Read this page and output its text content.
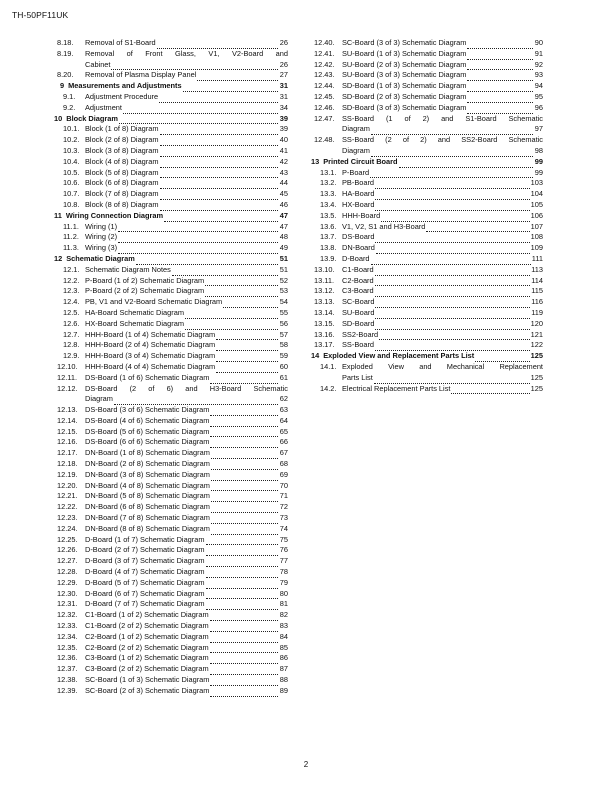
TH-50PF11UK
8.18.	Removal of S1-Board	26
8.19.	Removal of Front Glass, V1, V2-Board and
Cabinet	26
8.20.	Removal of Plasma Display Panel	27
9 Measurements and Adjustments	31
9.1.	Adjustment Procedure	31
9.2.	Adjustment	34
10 Block Diagram	39
10.1. Block (1 of 8) Diagram	39
10.2. Block (2 of 8) Diagram	40
10.3. Block (3 of 8) Diagram	41
10.4. Block (4 of 8) Diagram	42
10.5. Block (5 of 8) Diagram	43
10.6. Block (6 of 8) Diagram	44
10.7. Block (7 of 8) Diagram	45
10.8. Block (8 of 8) Diagram	46
11 Wiring Connection Diagram	47
11.1. Wiring (1)	47
11.2. Wiring (2)	48
11.3. Wiring (3)	49
12 Schematic Diagram	51
12.1. Schematic Diagram Notes	51
12.2. P-Board (1 of 2) Schematic Diagram	52
12.3. P-Board (2 of 2) Schematic Diagram	53
12.4. PB, V1 and V2-Board Schematic Diagram	54
12.5. HA-Board Schematic Diagram	55
12.6. HX-Board Schematic Diagram	56
12.7. HHH-Board (1 of 4) Schematic Diagram	57
12.8. HHH-Board (2 of 4) Schematic Diagram	58
12.9. HHH-Board (3 of 4) Schematic Diagram	59
12.10.	HHH-Board (4 of 4) Schematic Diagram	60
12.11.	DS-Board (1 of 6) Schematic Diagram	61
12.12.	DS-Board (2 of 6) and H3-Board Schematic
Diagram	62
12.13.	DS-Board (3 of 6) Schematic Diagram	63
12.14.	DS-Board (4 of 6) Schematic Diagram	64
12.15.	DS-Board (5 of 6) Schematic Diagram	65
12.16.	DS-Board (6 of 6) Schematic Diagram	66
12.17.	DN-Board (1 of 8) Schematic Diagram	67
12.18.	DN-Board (2 of 8) Schematic Diagram	68
12.19.	DN-Board (3 of 8) Schematic Diagram	69
12.20.	DN-Board (4 of 8) Schematic Diagram	70
12.21.	DN-Board (5 of 8) Schematic Diagram	71
12.22.	DN-Board (6 of 8) Schematic Diagram	72
12.23.	DN-Board (7 of 8) Schematic Diagram	73
12.24.	DN-Board (8 of 8) Schematic Diagram	74
12.25.	D-Board (1 of 7) Schematic Diagram	75
12.26.	D-Board (2 of 7) Schematic Diagram	76
12.27.	D-Board (3 of 7) Schematic Diagram	77
12.28.	D-Board (4 of 7) Schematic Diagram	78
12.29.	D-Board (5 of 7) Schematic Diagram	79
12.30.	D-Board (6 of 7) Schematic Diagram	80
12.31.	D-Board (7 of 7) Schematic Diagram	81
12.32.	C1-Board (1 of 2) Schematic Diagram	82
12.33.	C1-Board (2 of 2) Schematic Diagram	83
12.34.	C2-Board (1 of 2) Schematic Diagram	84
12.35.	C2-Board (2 of 2) Schematic Diagram	85
12.36.	C3-Board (1 of 2) Schematic Diagram	86
12.37.	C3-Board (2 of 2) Schematic Diagram	87
12.38.	SC-Board (1 of 3) Schematic Diagram	88
12.39.	SC-Board (2 of 3) Schematic Diagram	89
12.40.	SC-Board (3 of 3) Schematic Diagram	90
12.41.	SU-Board (1 of 3) Schematic Diagram	91
12.42.	SU-Board (2 of 3) Schematic Diagram	92
12.43.	SU-Board (3 of 3) Schematic Diagram	93
12.44.	SD-Board (1 of 3) Schematic Diagram	94
12.45.	SD-Board (2 of 3) Schematic Diagram	95
12.46.	SD-Board (3 of 3) Schematic Diagram	96
12.47.	SS-Board (1 of 2) and S1-Board Schematic
Diagram	97
12.48.	SS-Board (2 of 2) and SS2-Board Schematic
Diagram	98
13 Printed Circuit Board	99
13.1. P-Board	99
13.2. PB-Board	103
13.3. HA-Board	104
13.4. HX-Board	105
13.5. HHH-Board	106
13.6. V1, V2, S1 and H3-Board	107
13.7. DS-Board	108
13.8. DN-Board	109
13.9. D-Board	111
13.10.	C1-Board	113
13.11.	C2-Board	114
13.12.	C3-Board	115
13.13.	SC-Board	116
13.14.	SU-Board	119
13.15.	SD-Board	120
13.16.	SS2-Board	121
13.17.	SS-Board	122
14 Exploded View and Replacement Parts List	125
14.1. Exploded View and Mechanical Replacement
Parts List	125
14.2. Electrical Replacement Parts List	125
2
